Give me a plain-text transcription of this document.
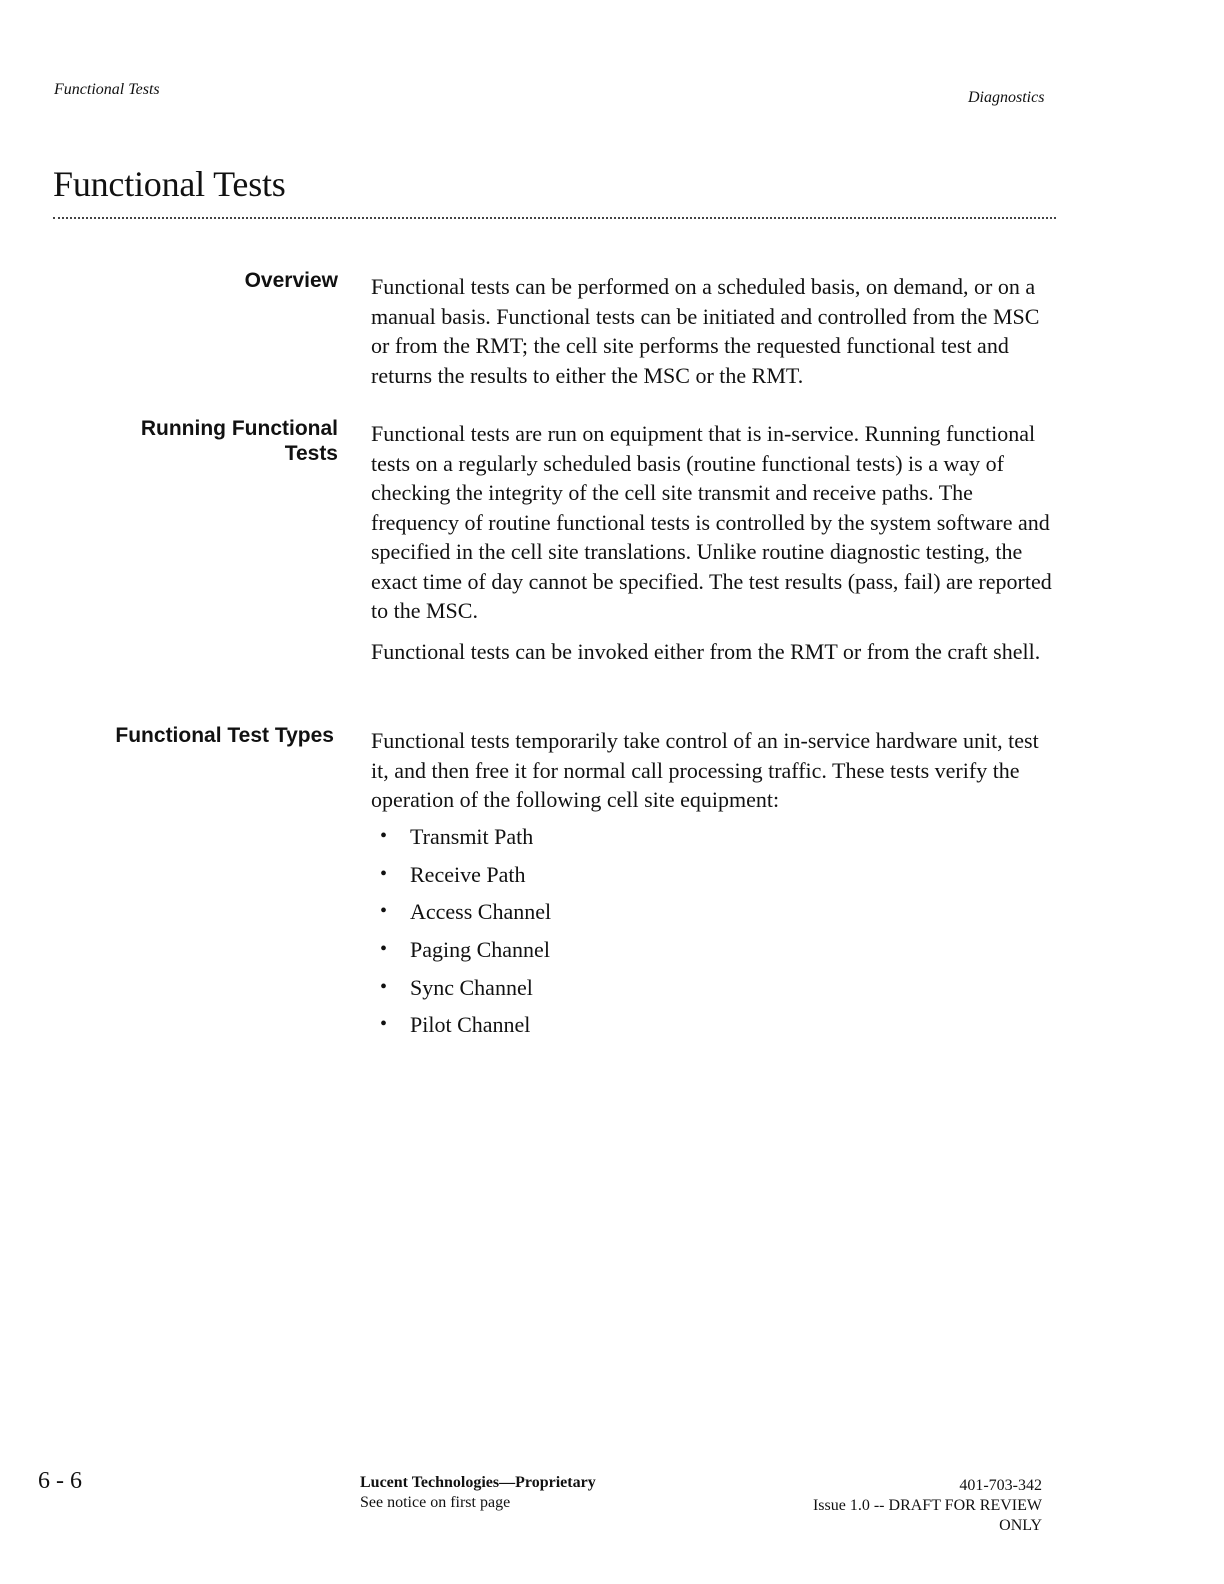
Functional Tests	Diagnostics
Functional Tests
Overview Functional tests can be performed on a scheduled basis, on demand, or on a manual basis. Functional tests can be initiated and controlled from the MSC or from the RMT; the cell site performs the requested functional test and returns the results to either the MSC or the RMT.

Running Functional
Tests

Functional tests are run on equipment that is in-service. Running functional tests on a regularly scheduled basis (routine functional tests) is a way of checking the integrity of the cell site transmit and receive paths. The frequency of routine functional tests is controlled by the system software and specified in the cell site translations. Unlike routine diagnostic testing, the exact time of day cannot be specified. The test results (pass, fail) are reported to the MSC.

Functional tests can be invoked either from the RMT or from the craft shell.

Functional Test Types Functional tests temporarily take control of an in-service hardware unit, test it, and then free it for normal call processing traffic. These tests verify the operation of the following cell site equipment:

• Transmit Path
• Receive Path
• Access Channel
• Paging Channel
• Sync Channel
• Pilot Channel
6 - 6	Lucent Technologies—Proprietary
See notice on first page
401-703-342
Issue 1.0 -- DRAFT FOR REVIEW
ONLY
